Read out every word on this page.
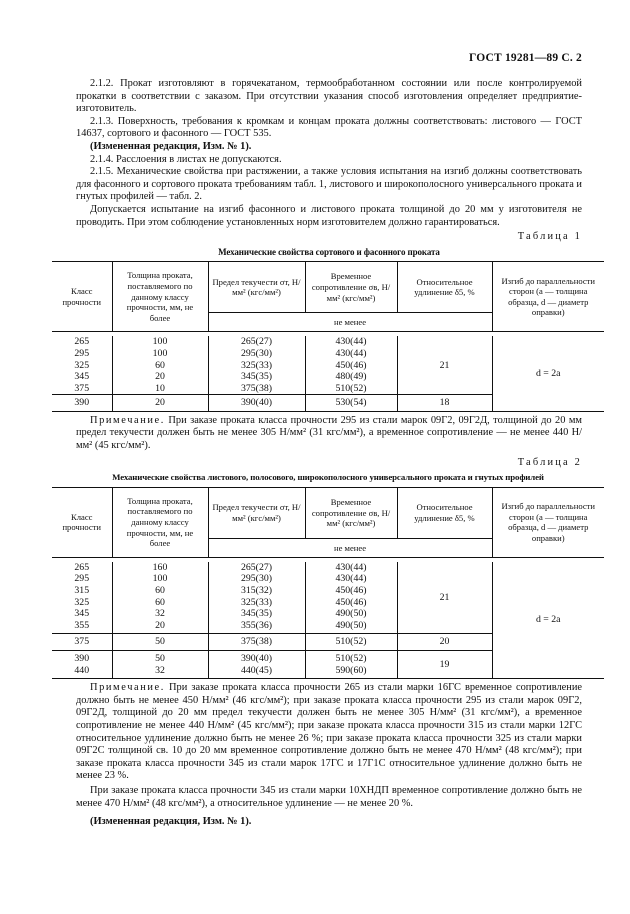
ГОСТ 19281—89 С. 2

2.1.2. Прокат изготовляют в горячекатаном, термообработанном состоянии или после контролируемой прокатки в соответствии с заказом. При отсутствии указания способ изготовления определяет предприятие-изготовитель.

2.1.3. Поверхность, требования к кромкам и концам проката должны соответствовать: листового — ГОСТ 14637, сортового и фасонного — ГОСТ 535.

(Измененная редакция, Изм. № 1).

2.1.4. Расслоения в листах не допускаются.

2.1.5. Механические свойства при растяжении, а также условия испытания на изгиб должны соответствовать для фасонного и сортового проката требованиям табл. 1, листового и широкополосного универсального проката и гнутых профилей — табл. 2.

Допускается испытание на изгиб фасонного и листового проката толщиной до 20 мм у изготовителя не проводить. При этом соблюдение установленных норм изготовителем должно гарантироваться.

Таблица 1
Механические свойства сортового и фасонного проката
Класс прочности	Толщина проката, поставляемого по данному классу прочности, мм, не более	Предел текучести σт, Н/мм² (кгс/мм²)	Временное сопротивление σв, Н/мм² (кгс/мм²)	Относительное удлинение δ5, %	Изгиб до параллельности сторон (a — толщина образца, d — диаметр оправки)
		не менее			

265	100	265(27)	430(44)	21	d = 2a
295	100	295(30)	430(44)		
325	60	325(33)	450(46)		
345	20	345(35)	480(49)		
375	10	375(38)	510(52)		
390	20	390(40)	530(54)	18	

Примечание. При заказе проката класса прочности 295 из стали марок 09Г2, 09Г2Д, толщиной до 20 мм предел текучести должен быть не менее 305 Н/мм² (31 кгс/мм²), а временное сопротивление — не менее 440 Н/мм² (45 кгс/мм²).

Таблица 2
Механические свойства листового, полосового, широкополосного универсального проката и гнутых профилей
Класс прочности	Толщина проката, поставляемого по данному классу прочности, мм, не более	Предел текучести σт, Н/мм² (кгс/мм²)	Временное сопротивление σв, Н/мм² (кгс/мм²)	Относительное удлинение δ5, %	Изгиб до параллельности сторон (a — толщина образца, d — диаметр оправки)
		не менее			

265	160	265(27)	430(44)	21	d = 2a
295	100	295(30)	430(44)		
315	60	315(32)	450(46)		
325	60	325(33)	450(46)		
345	32	345(35)	490(50)		
355	20	355(36)	490(50)		
375	50	375(38)	510(52)	20	
390	50	390(40)	510(52)	19	
440	32	440(45)	590(60)		

Примечание. При заказе проката класса прочности 265 из стали марки 16ГС временное сопротивление должно быть не менее 450 Н/мм² (46 кгс/мм²); при заказе проката класса прочности 295 из стали марок 09Г2, 09Г2Д, толщиной до 20 мм предел текучести должен быть не менее 305 Н/мм² (31 кгс/мм²), а временное сопротивление не менее 440 Н/мм² (45 кгс/мм²); при заказе проката класса прочности 315 из стали марки 12ГС относительное удлинение должно быть не менее 26 %; при заказе проката класса прочности 325 из стали марки 09Г2С толщиной св. 10 до 20 мм временное сопротивление должно быть не менее 470 Н/мм² (48 кгс/мм²); при заказе проката класса прочности 345 из стали марок 17ГС и 17Г1С относительное удлинение должно быть не менее 23 %.

При заказе проката класса прочности 345 из стали марки 10ХНДП временное сопротивление должно быть не менее 470 Н/мм² (48 кгс/мм²), а относительное удлинение — не менее 20 %.

(Измененная редакция, Изм. № 1).
